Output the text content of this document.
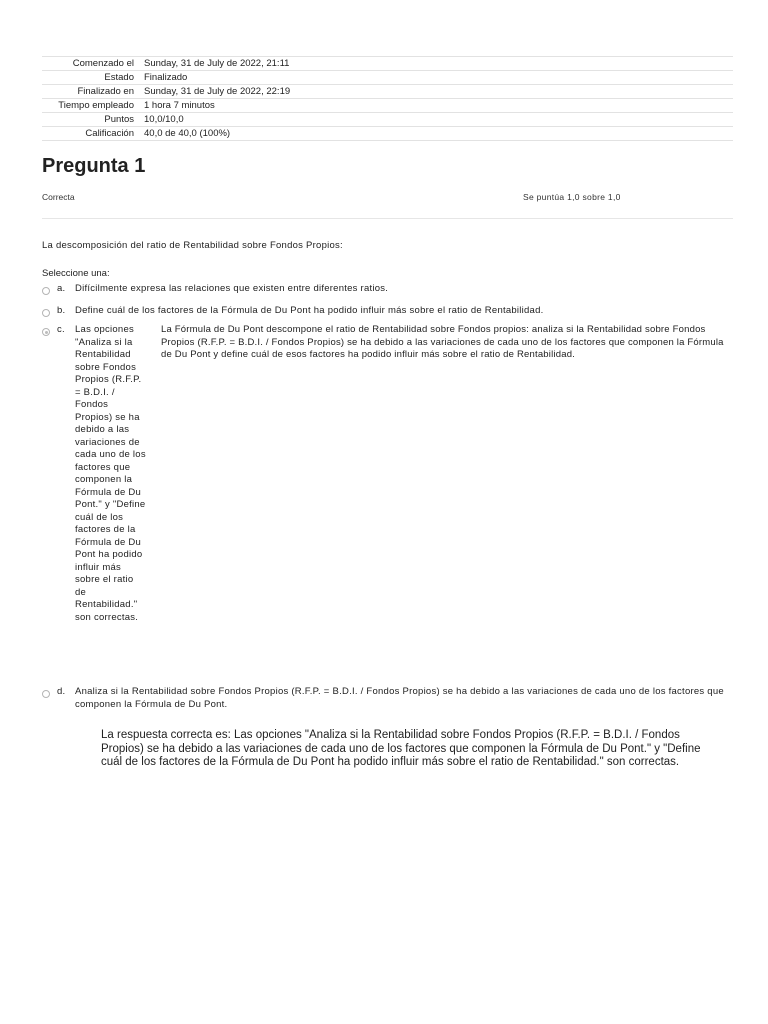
Comenzado el	Sunday, 31 de July de 2022, 21:11
Estado	Finalizado
Finalizado en	Sunday, 31 de July de 2022, 22:19
Tiempo empleado	1 hora 7 minutos
Puntos	10,0/10,0
Calificación	40,0 de 40,0 (100%)
Pregunta 1
Correcta	Se puntúa 1,0 sobre 1,0
La descomposición del ratio de Rentabilidad sobre Fondos Propios:
Seleccione una:
a. Difícilmente expresa las relaciones que existen entre diferentes ratios.
b. Define cuál de los factores de la Fórmula de Du Pont ha podido influir más sobre el ratio de Rentabilidad.
c. Las opciones "Analiza si la Rentabilidad sobre Fondos Propios (R.F.P. = B.D.I. / Fondos Propios) se ha debido a las variaciones de cada uno de los factores que componen la Fórmula de Du Pont." y "Define cuál de los factores de la Fórmula de Du Pont ha podido influir más sobre el ratio de Rentabilidad." son correctas.
La Fórmula de Du Pont descompone el ratio de Rentabilidad sobre Fondos propios: analiza si la Rentabilidad sobre Fondos Propios (R.F.P. = B.D.I. / Fondos Propios) se ha debido a las variaciones de cada uno de los factores que componen la Fórmula de Du Pont y define cuál de esos factores ha podido influir más sobre el ratio de Rentabilidad.
d. Analiza si la Rentabilidad sobre Fondos Propios (R.F.P. = B.D.I. / Fondos Propios) se ha debido a las variaciones de cada uno de los factores que componen la Fórmula de Du Pont.
La respuesta correcta es: Las opciones "Analiza si la Rentabilidad sobre Fondos Propios (R.F.P. = B.D.I. / Fondos Propios) se ha debido a las variaciones de cada uno de los factores que componen la Fórmula de Du Pont." y "Define cuál de los factores de la Fórmula de Du Pont ha podido influir más sobre el ratio de Rentabilidad." son correctas.
